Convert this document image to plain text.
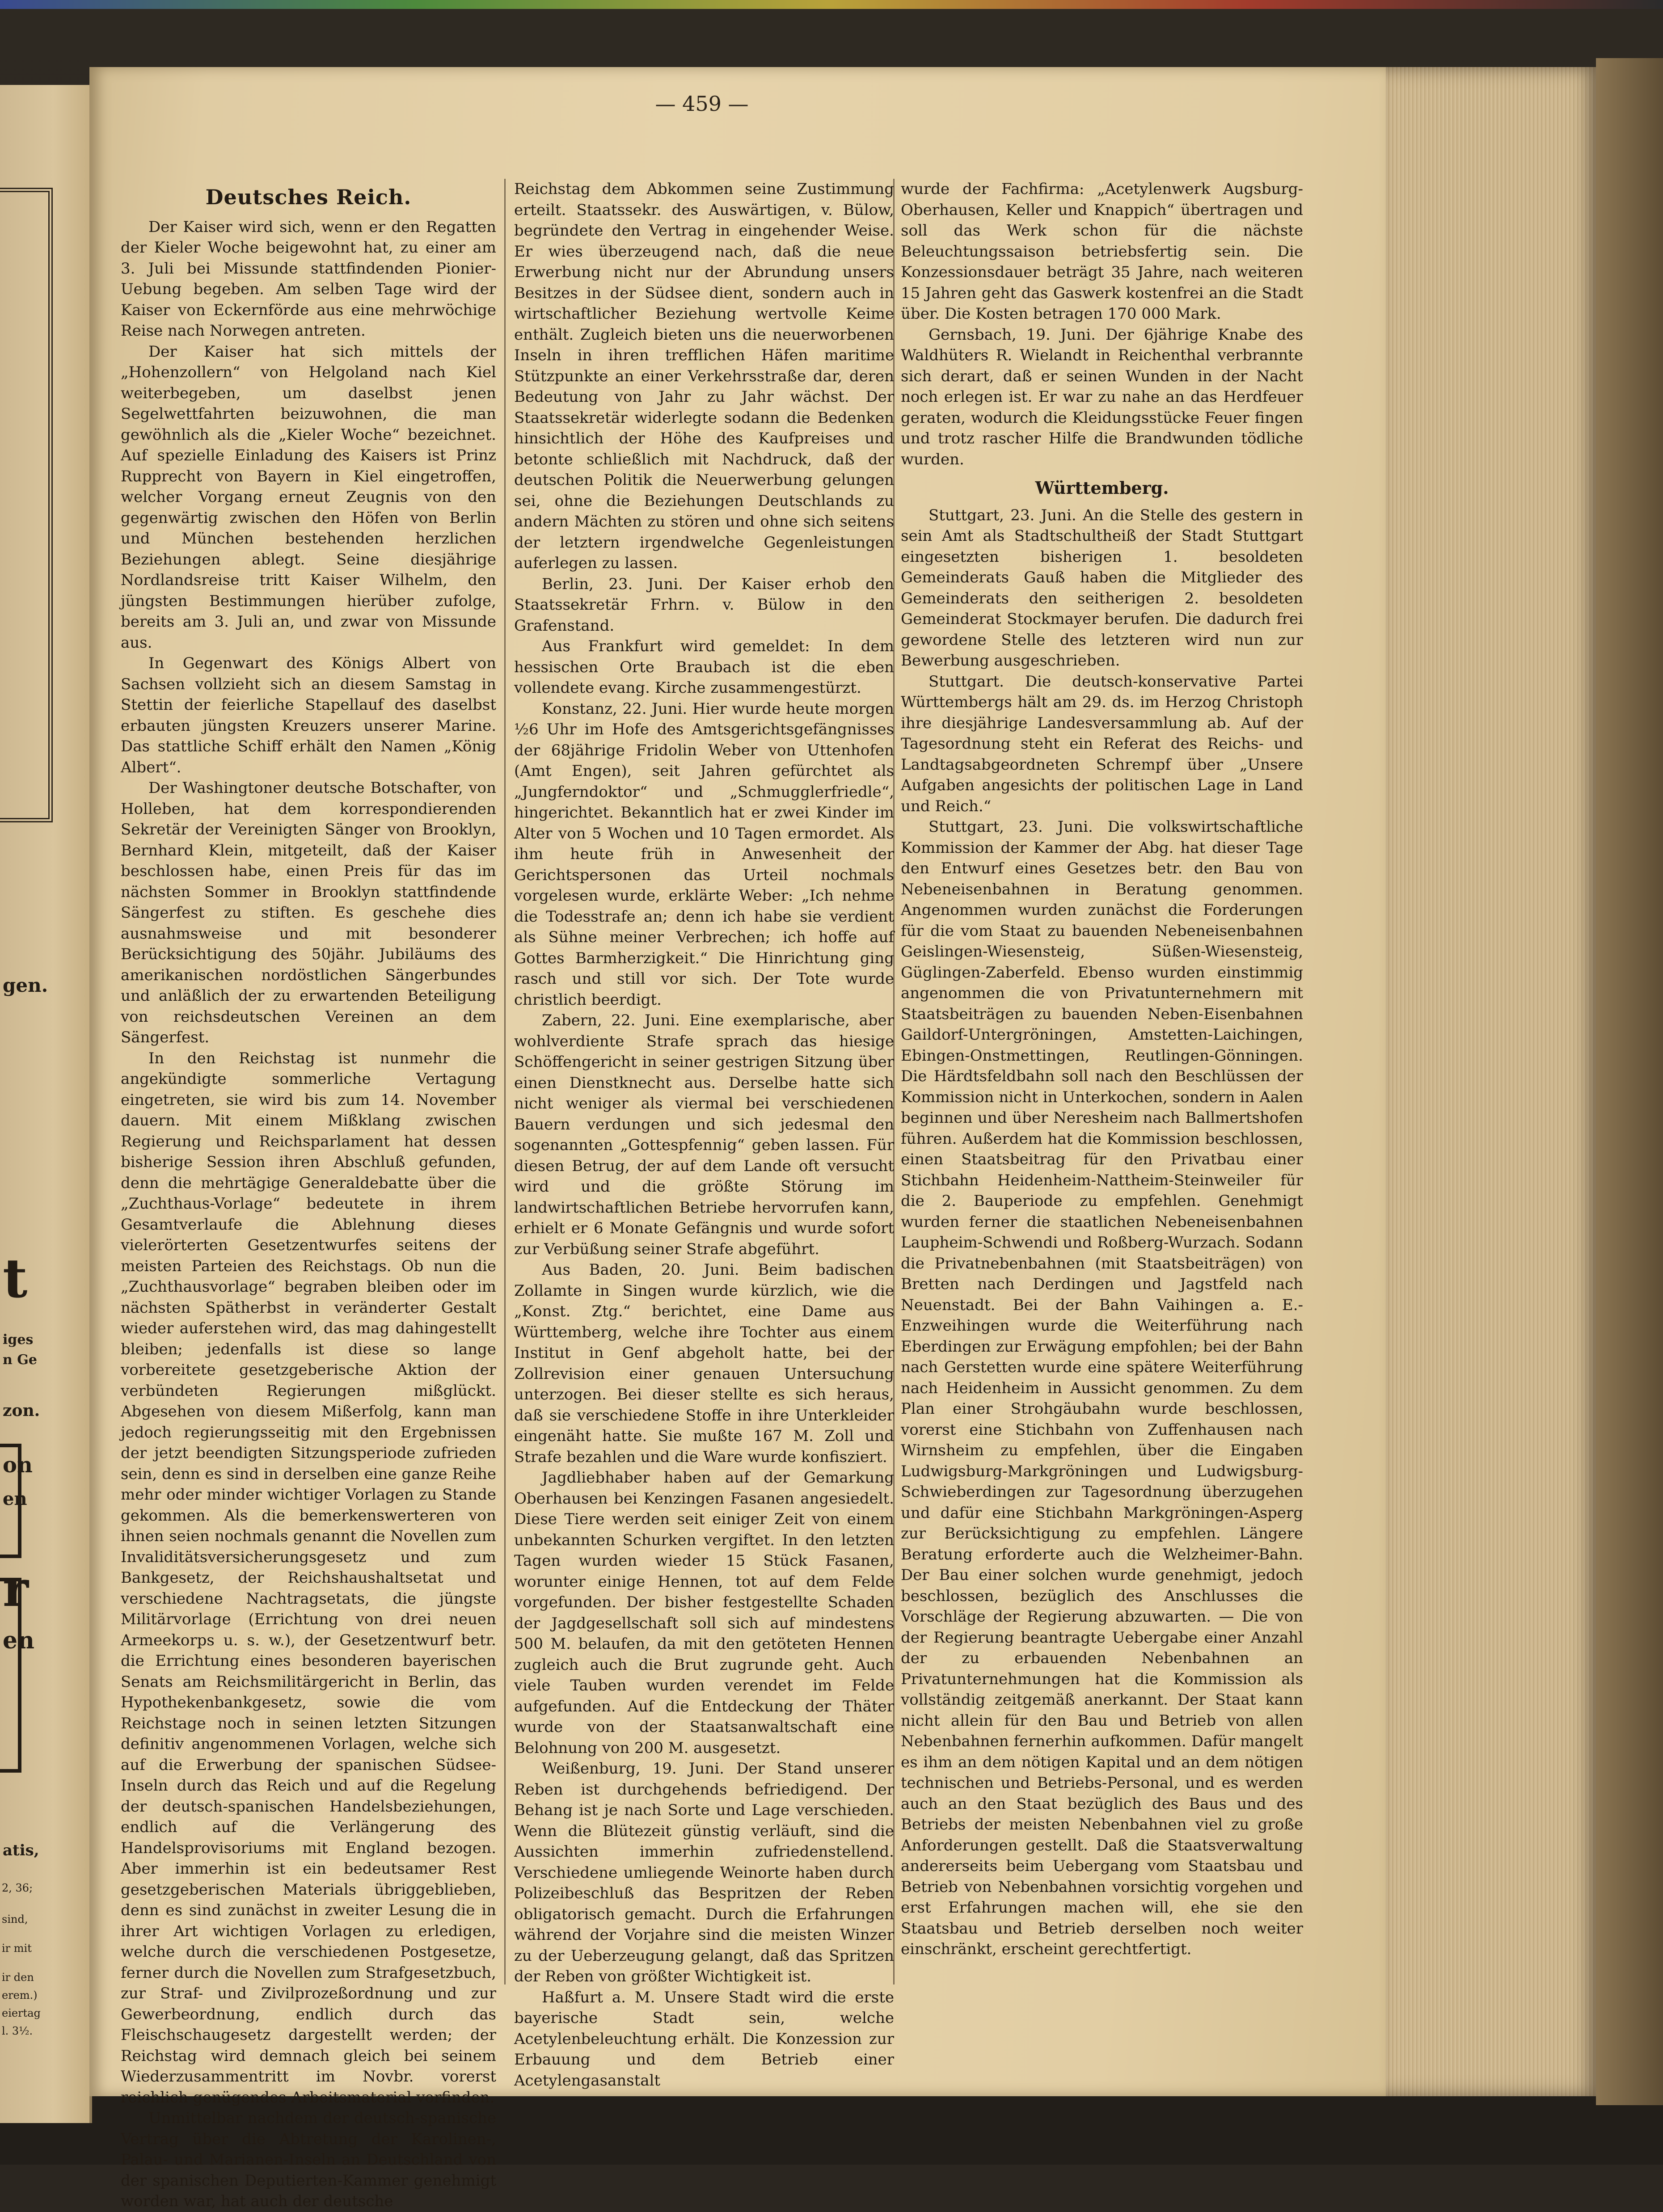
gen.
t
iges
n Ge
zon.
on
en
r
en
atis,
2, 36;
sind,
ir mit
ir den
erem.)
eiertag
l. 3½.
— 459 —
Deutsches Reich.

Der Kaiser wird sich, wenn er den Regatten der Kieler Woche beigewohnt hat, zu einer am 3. Juli bei Missunde stattfindenden Pionier-Uebung begeben. Am selben Tage wird der Kaiser von Eckernförde aus eine mehrwöchige Reise nach Norwegen antreten.

Der Kaiser hat sich mittels der „Hohenzollern“ von Helgoland nach Kiel weiterbegeben, um daselbst jenen Segelwettfahrten beizuwohnen, die man gewöhnlich als die „Kieler Woche“ bezeichnet. Auf spezielle Einladung des Kaisers ist Prinz Rupprecht von Bayern in Kiel eingetroffen, welcher Vorgang erneut Zeugnis von den gegenwärtig zwischen den Höfen von Berlin und München bestehenden herzlichen Beziehungen ablegt. Seine diesjährige Nordlandsreise tritt Kaiser Wilhelm, den jüngsten Bestimmungen hierüber zufolge, bereits am 3. Juli an, und zwar von Missunde aus.

In Gegenwart des Königs Albert von Sachsen vollzieht sich an diesem Samstag in Stettin der feierliche Stapellauf des daselbst erbauten jüngsten Kreuzers unserer Marine. Das stattliche Schiff erhält den Namen „König Albert“.

Der Washingtoner deutsche Botschafter, von Holleben, hat dem korrespondierenden Sekretär der Vereinigten Sänger von Brooklyn, Bernhard Klein, mitgeteilt, daß der Kaiser beschlossen habe, einen Preis für das im nächsten Sommer in Brooklyn stattfindende Sängerfest zu stiften. Es geschehe dies ausnahmsweise und mit besonderer Berücksichtigung des 50jähr. Jubiläums des amerikanischen nordöstlichen Sängerbundes und anläßlich der zu erwartenden Beteiligung von reichsdeutschen Vereinen an dem Sängerfest.

In den Reichstag ist nunmehr die angekündigte sommerliche Vertagung eingetreten, sie wird bis zum 14. November dauern. Mit einem Mißklang zwischen Regierung und Reichsparlament hat dessen bisherige Session ihren Abschluß gefunden, denn die mehrtägige Generaldebatte über die „Zuchthaus-Vorlage“ bedeutete in ihrem Gesamtverlaufe die Ablehnung dieses vielerörterten Gesetzentwurfes seitens der meisten Parteien des Reichstags. Ob nun die „Zuchthausvorlage“ begraben bleiben oder im nächsten Spätherbst in veränderter Gestalt wieder auferstehen wird, das mag dahingestellt bleiben; jedenfalls ist diese so lange vorbereitete gesetzgeberische Aktion der verbündeten Regierungen mißglückt. Abgesehen von diesem Mißerfolg, kann man jedoch regierungsseitig mit den Ergebnissen der jetzt beendigten Sitzungsperiode zufrieden sein, denn es sind in derselben eine ganze Reihe mehr oder minder wichtiger Vorlagen zu Stande gekommen. Als die bemerkenswerteren von ihnen seien nochmals genannt die Novellen zum Invaliditätsversicherungsgesetz und zum Bankgesetz, der Reichshaushaltsetat und verschiedene Nachtragsetats, die jüngste Militärvorlage (Errichtung von drei neuen Armeekorps u. s. w.), der Gesetzentwurf betr. die Errichtung eines besonderen bayerischen Senats am Reichsmilitärgericht in Berlin, das Hypothekenbankgesetz, sowie die vom Reichstage noch in seinen letzten Sitzungen definitiv angenommenen Vorlagen, welche sich auf die Erwerbung der spanischen Südsee-Inseln durch das Reich und auf die Regelung der deutsch-spanischen Handelsbeziehungen, endlich auf die Verlängerung des Handelsprovisoriums mit England bezogen. Aber immerhin ist ein bedeutsamer Rest gesetzgeberischen Materials übriggeblieben, denn es sind zunächst in zweiter Lesung die in ihrer Art wichtigen Vorlagen zu erledigen, welche durch die verschiedenen Postgesetze, ferner durch die Novellen zum Strafgesetzbuch, zur Straf- und Zivilprozeßordnung und zur Gewerbeordnung, endlich durch das Fleischschaugesetz dargestellt werden; der Reichstag wird demnach gleich bei seinem Wiederzusammentritt im Novbr. vorerst reichlich genügendes Arbeitsmaterial vorfinden.

Unmittelbar nachdem der deutsch-spanische Vertrag über die Abtretung der Karolinen-, Palau- und Marianen-Inseln an Deutschland von der spanischen Deputierten-Kammer genehmigt worden war, hat auch der deutsche

Reichstag dem Abkommen seine Zustimmung erteilt. Staatssekr. des Auswärtigen, v. Bülow, begründete den Vertrag in eingehender Weise. Er wies überzeugend nach, daß die neue Erwerbung nicht nur der Abrundung unsers Besitzes in der Südsee dient, sondern auch in wirtschaftlicher Beziehung wertvolle Keime enthält. Zugleich bieten uns die neuerworbenen Inseln in ihren trefflichen Häfen maritime Stützpunkte an einer Verkehrsstraße dar, deren Bedeutung von Jahr zu Jahr wächst. Der Staatssekretär widerlegte sodann die Bedenken hinsichtlich der Höhe des Kaufpreises und betonte schließlich mit Nachdruck, daß der deutschen Politik die Neuerwerbung gelungen sei, ohne die Beziehungen Deutschlands zu andern Mächten zu stören und ohne sich seitens der letztern irgendwelche Gegenleistungen auferlegen zu lassen.

Berlin, 23. Juni. Der Kaiser erhob den Staatssekretär Frhrn. v. Bülow in den Grafenstand.

Aus Frankfurt wird gemeldet: In dem hessischen Orte Braubach ist die eben vollendete evang. Kirche zusammengestürzt.

Konstanz, 22. Juni. Hier wurde heute morgen ½6 Uhr im Hofe des Amtsgerichtsgefängnisses der 68jährige Fridolin Weber von Uttenhofen (Amt Engen), seit Jahren gefürchtet als „Jungferndoktor“ und „Schmugglerfriedle“, hingerichtet. Bekanntlich hat er zwei Kinder im Alter von 5 Wochen und 10 Tagen ermordet. Als ihm heute früh in Anwesenheit der Gerichtspersonen das Urteil nochmals vorgelesen wurde, erklärte Weber: „Ich nehme die Todesstrafe an; denn ich habe sie verdient als Sühne meiner Verbrechen; ich hoffe auf Gottes Barmherzigkeit.“ Die Hinrichtung ging rasch und still vor sich. Der Tote wurde christlich beerdigt.

Zabern, 22. Juni. Eine exemplarische, aber wohlverdiente Strafe sprach das hiesige Schöffengericht in seiner gestrigen Sitzung über einen Dienstknecht aus. Derselbe hatte sich nicht weniger als viermal bei verschiedenen Bauern verdungen und sich jedesmal den sogenannten „Gottespfennig“ geben lassen. Für diesen Betrug, der auf dem Lande oft versucht wird und die größte Störung im landwirtschaftlichen Betriebe hervorrufen kann, erhielt er 6 Monate Gefängnis und wurde sofort zur Verbüßung seiner Strafe abgeführt.

Aus Baden, 20. Juni. Beim badischen Zollamte in Singen wurde kürzlich, wie die „Konst. Ztg.“ berichtet, eine Dame aus Württemberg, welche ihre Tochter aus einem Institut in Genf abgeholt hatte, bei der Zollrevision einer genauen Untersuchung unterzogen. Bei dieser stellte es sich heraus, daß sie verschiedene Stoffe in ihre Unterkleider eingenäht hatte. Sie mußte 167 M. Zoll und Strafe bezahlen und die Ware wurde konfisziert.

Jagdliebhaber haben auf der Gemarkung Oberhausen bei Kenzingen Fasanen angesiedelt. Diese Tiere werden seit einiger Zeit von einem unbekannten Schurken vergiftet. In den letzten Tagen wurden wieder 15 Stück Fasanen, worunter einige Hennen, tot auf dem Felde vorgefunden. Der bisher festgestellte Schaden der Jagdgesellschaft soll sich auf mindestens 500 M. belaufen, da mit den getöteten Hennen zugleich auch die Brut zugrunde geht. Auch viele Tauben wurden verendet im Felde aufgefunden. Auf die Entdeckung der Thäter wurde von der Staatsanwaltschaft eine Belohnung von 200 M. ausgesetzt.

Weißenburg, 19. Juni. Der Stand unserer Reben ist durchgehends befriedigend. Der Behang ist je nach Sorte und Lage verschieden. Wenn die Blütezeit günstig verläuft, sind die Aussichten immerhin zufriedenstellend. Verschiedene umliegende Weinorte haben durch Polizeibeschluß das Bespritzen der Reben obligatorisch gemacht. Durch die Erfahrungen während der Vorjahre sind die meisten Winzer zu der Ueberzeugung gelangt, daß das Spritzen der Reben von größter Wichtigkeit ist.

Haßfurt a. M. Unsere Stadt wird die erste bayerische Stadt sein, welche Acetylenbeleuchtung erhält. Die Konzession zur Erbauung und dem Betrieb einer Acetylengasanstalt

wurde der Fachfirma: „Acetylenwerk Augsburg-Oberhausen, Keller und Knappich“ übertragen und soll das Werk schon für die nächste Beleuchtungssaison betriebsfertig sein. Die Konzessionsdauer beträgt 35 Jahre, nach weiteren 15 Jahren geht das Gaswerk kostenfrei an die Stadt über. Die Kosten betragen 170 000 Mark.

Gernsbach, 19. Juni. Der 6jährige Knabe des Waldhüters R. Wielandt in Reichenthal verbrannte sich derart, daß er seinen Wunden in der Nacht noch erlegen ist. Er war zu nahe an das Herdfeuer geraten, wodurch die Kleidungsstücke Feuer fingen und trotz rascher Hilfe die Brandwunden tödliche wurden.

Württemberg.

Stuttgart, 23. Juni. An die Stelle des gestern in sein Amt als Stadtschultheiß der Stadt Stuttgart eingesetzten bisherigen 1. besoldeten Gemeinderats Gauß haben die Mitglieder des Gemeinderats den seitherigen 2. besoldeten Gemeinderat Stockmayer berufen. Die dadurch frei gewordene Stelle des letzteren wird nun zur Bewerbung ausgeschrieben.

Stuttgart. Die deutsch-konservative Partei Württembergs hält am 29. ds. im Herzog Christoph ihre diesjährige Landesversammlung ab. Auf der Tagesordnung steht ein Referat des Reichs- und Landtagsabgeordneten Schrempf über „Unsere Aufgaben angesichts der politischen Lage in Land und Reich.“

Stuttgart, 23. Juni. Die volkswirtschaftliche Kommission der Kammer der Abg. hat dieser Tage den Entwurf eines Gesetzes betr. den Bau von Nebeneisenbahnen in Beratung genommen. Angenommen wurden zunächst die Forderungen für die vom Staat zu bauenden Nebeneisenbahnen Geislingen-Wiesensteig, Süßen-Wiesensteig, Güglingen-Zaberfeld. Ebenso wurden einstimmig angenommen die von Privatunternehmern mit Staatsbeiträgen zu bauenden Neben-Eisenbahnen Gaildorf-Untergröningen, Amstetten-Laichingen, Ebingen-Onstmettingen, Reutlingen-Gönningen. Die Härdtsfeldbahn soll nach den Beschlüssen der Kommission nicht in Unterkochen, sondern in Aalen beginnen und über Neresheim nach Ballmertshofen führen. Außerdem hat die Kommission beschlossen, einen Staatsbeitrag für den Privatbau einer Stichbahn Heidenheim-Nattheim-Steinweiler für die 2. Bauperiode zu empfehlen. Genehmigt wurden ferner die staatlichen Nebeneisenbahnen Laupheim-Schwendi und Roßberg-Wurzach. Sodann die Privatnebenbahnen (mit Staatsbeiträgen) von Bretten nach Derdingen und Jagstfeld nach Neuenstadt. Bei der Bahn Vaihingen a. E.-Enzweihingen wurde die Weiterführung nach Eberdingen zur Erwägung empfohlen; bei der Bahn nach Gerstetten wurde eine spätere Weiterführung nach Heidenheim in Aussicht genommen. Zu dem Plan einer Strohgäubahn wurde beschlossen, vorerst eine Stichbahn von Zuffenhausen nach Wirnsheim zu empfehlen, über die Eingaben Ludwigsburg-Markgröningen und Ludwigsburg-Schwieberdingen zur Tagesordnung überzugehen und dafür eine Stichbahn Markgröningen-Asperg zur Berücksichtigung zu empfehlen. Längere Beratung erforderte auch die Welzheimer-Bahn. Der Bau einer solchen wurde genehmigt, jedoch beschlossen, bezüglich des Anschlusses die Vorschläge der Regierung abzuwarten. — Die von der Regierung beantragte Uebergabe einer Anzahl der zu erbauenden Nebenbahnen an Privatunternehmungen hat die Kommission als vollständig zeitgemäß anerkannt. Der Staat kann nicht allein für den Bau und Betrieb von allen Nebenbahnen fernerhin aufkommen. Dafür mangelt es ihm an dem nötigen Kapital und an dem nötigen technischen und Betriebs-Personal, und es werden auch an den Staat bezüglich des Baus und des Betriebs der meisten Nebenbahnen viel zu große Anforderungen gestellt. Daß die Staatsverwaltung andererseits beim Uebergang vom Staatsbau und Betrieb von Nebenbahnen vorsichtig vorgehen und erst Erfahrungen machen will, ehe sie den Staatsbau und Betrieb derselben noch weiter einschränkt, erscheint gerechtfertigt.
